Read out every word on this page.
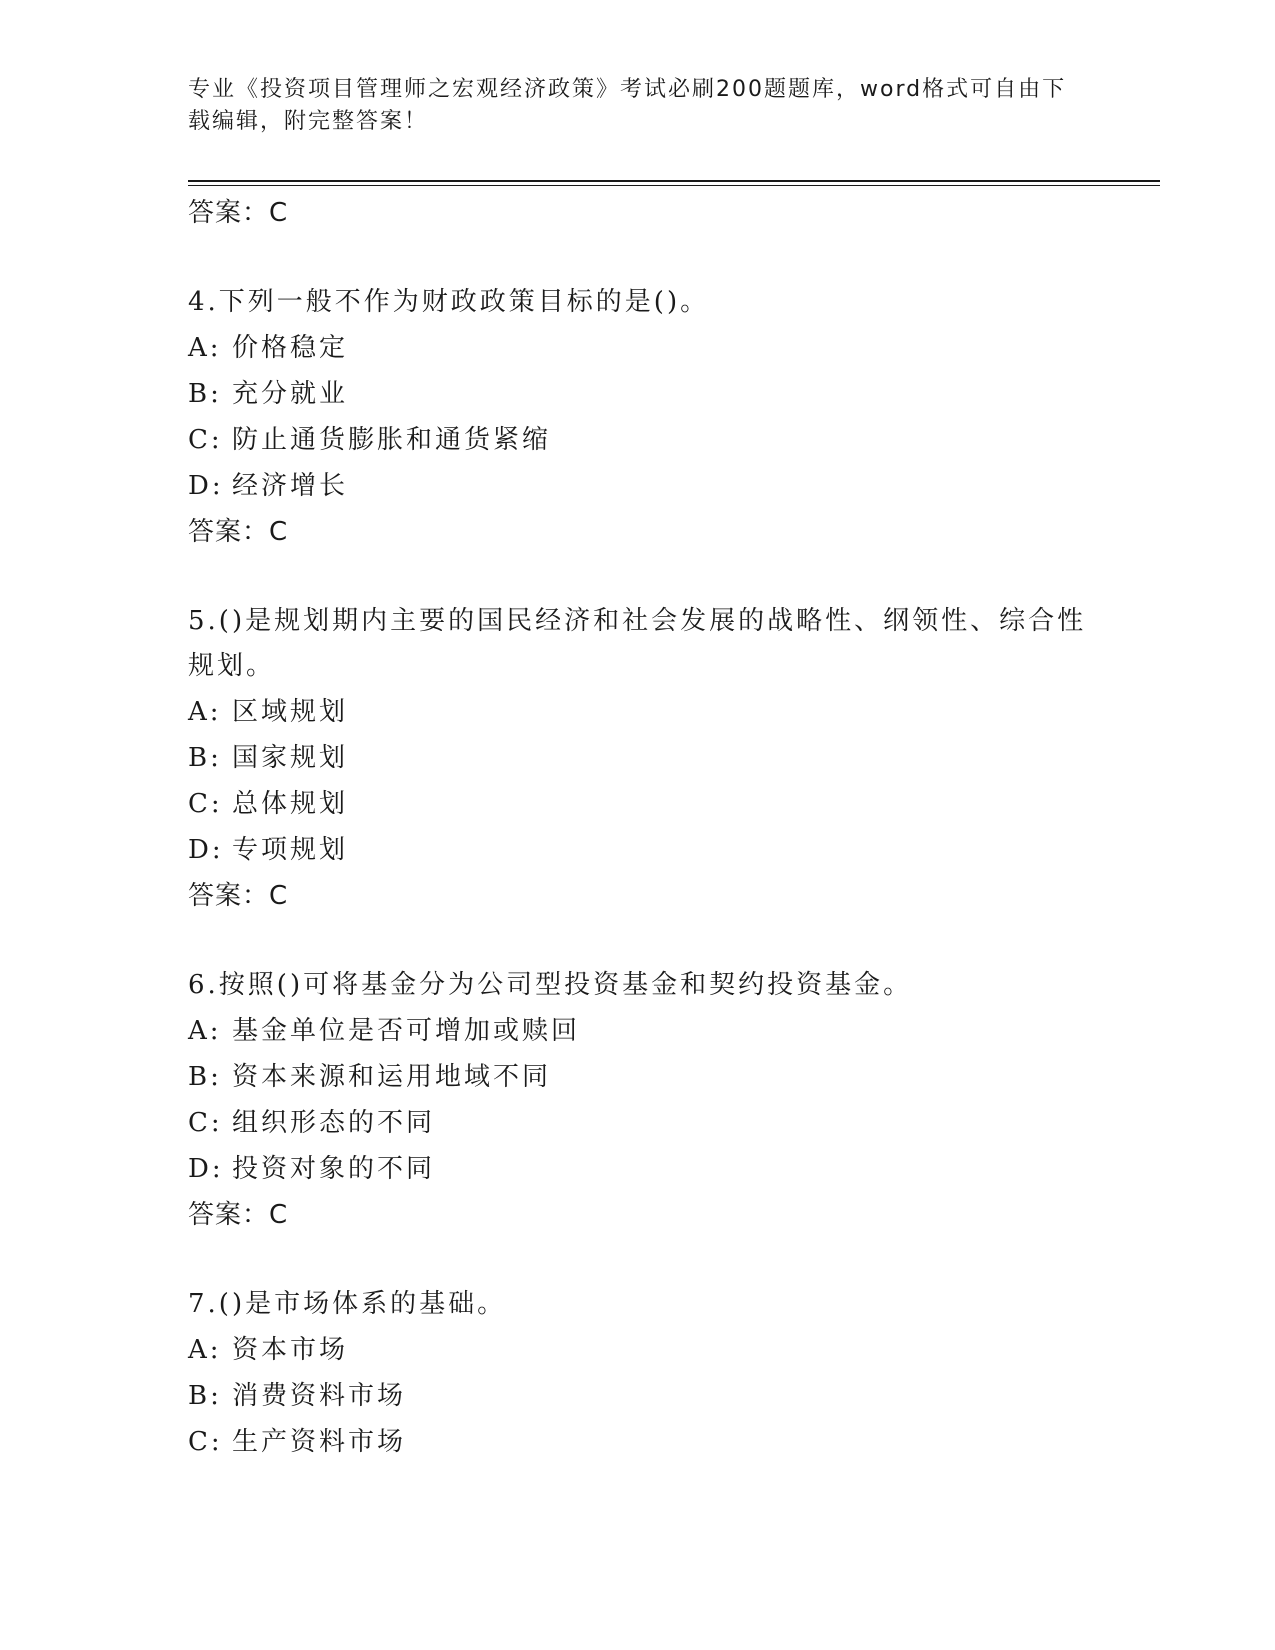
专业《投资项目管理师之宏观经济政策》考试必刷200题题库，word格式可自由下载编辑，附完整答案！
答案：C
4.下列一般不作为财政政策目标的是()。
A: 价格稳定
B: 充分就业
C: 防止通货膨胀和通货紧缩
D: 经济增长
答案：C
5.()是规划期内主要的国民经济和社会发展的战略性、纲领性、综合性规划。
A: 区域规划
B: 国家规划
C: 总体规划
D: 专项规划
答案：C
6.按照()可将基金分为公司型投资基金和契约投资基金。
A: 基金单位是否可增加或赎回
B: 资本来源和运用地域不同
C: 组织形态的不同
D: 投资对象的不同
答案：C
7.()是市场体系的基础。
A: 资本市场
B: 消费资料市场
C: 生产资料市场
